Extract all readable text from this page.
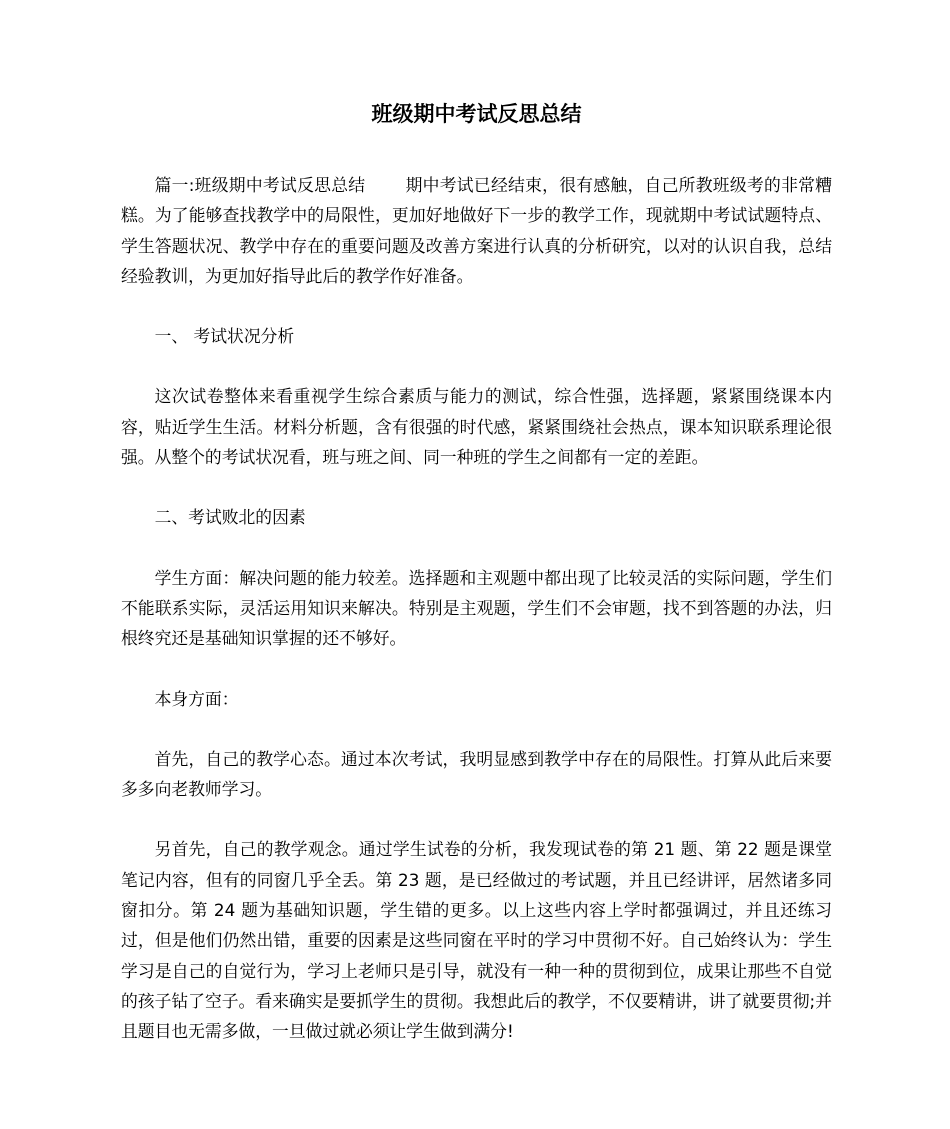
班级期中考试反思总结

篇一:班级期中考试反思总结 期中考试已经结束，很有感触，自己所教班级考的非常糟糕。为了能够查找教学中的局限性，更加好地做好下一步的教学工作，现就期中考试试题特点、学生答题状况、教学中存在的重要问题及改善方案进行认真的分析研究，以对的认识自我，总结经验教训，为更加好指导此后的教学作好准备。

一、 考试状况分析

这次试卷整体来看重视学生综合素质与能力的测试，综合性强，选择题，紧紧围绕课本内容，贴近学生生活。材料分析题，含有很强的时代感，紧紧围绕社会热点，课本知识联系理论很强。从整个的考试状况看，班与班之间、同一种班的学生之间都有一定的差距。

二、考试败北的因素

学生方面：解决问题的能力较差。选择题和主观题中都出现了比较灵活的实际问题，学生们不能联系实际，灵活运用知识来解决。特别是主观题，学生们不会审题，找不到答题的办法，归根终究还是基础知识掌握的还不够好。

本身方面：

首先，自己的教学心态。通过本次考试，我明显感到教学中存在的局限性。打算从此后来要多多向老教师学习。

另首先，自己的教学观念。通过学生试卷的分析，我发现试卷的第 21 题、第 22 题是课堂笔记内容，但有的同窗几乎全丢。第 23 题，是已经做过的考试题，并且已经讲评，居然诸多同窗扣分。第 24 题为基础知识题，学生错的更多。以上这些内容上学时都强调过，并且还练习过，但是他们仍然出错，重要的因素是这些同窗在平时的学习中贯彻不好。自己始终认为：学生学习是自己的自觉行为，学习上老师只是引导，就没有一种一种的贯彻到位，成果让那些不自觉的孩子钻了空子。看来确实是要抓学生的贯彻。我想此后的教学，不仅要精讲，讲了就要贯彻;并且题目也无需多做，一旦做过就必须让学生做到满分!
